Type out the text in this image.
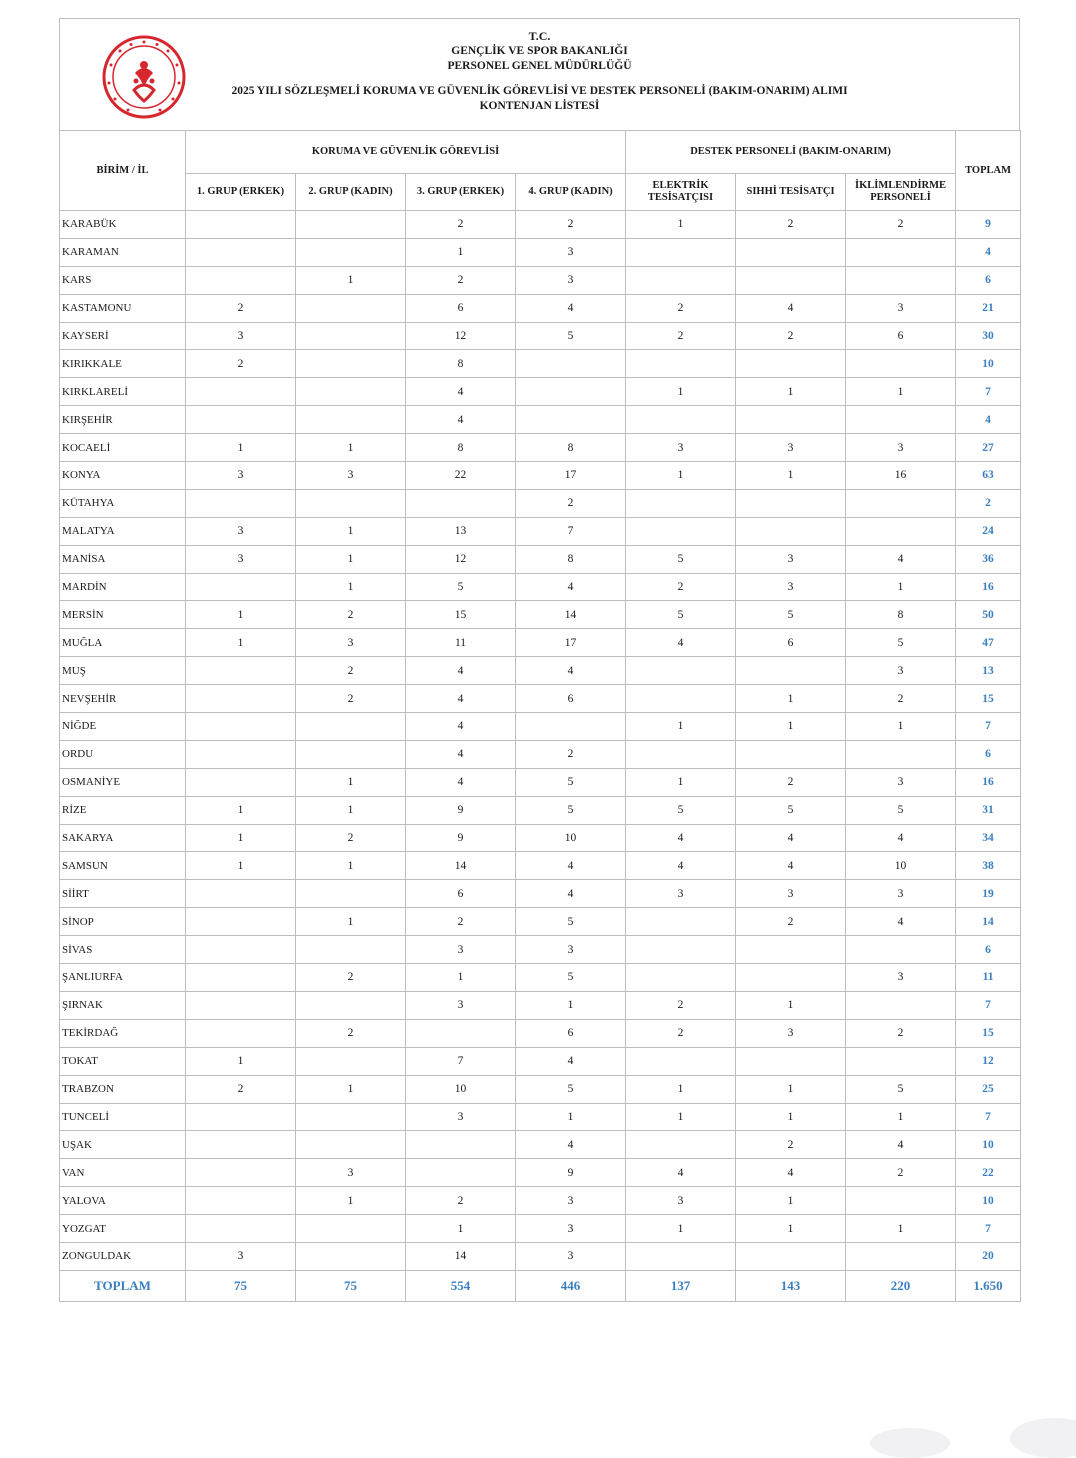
T.C.
GENÇLİK VE SPOR BAKANLIĞI
PERSONEL GENEL MÜDÜRLÜĞÜ
2025 YILI SÖZLEŞMELİ KORUMA VE GÜVENLİK GÖREVLİSİ VE DESTEK PERSONELİ (BAKIM-ONARIM) ALIMI
KONTENJAN LİSTESİ
BİRİM / İL	KORUMA VE GÜVENLİK GÖREVLİSİ				DESTEK PERSONELİ (BAKIM-ONARIM)			TOPLAM
	1. GRUP (ERKEK)	2. GRUP (KADIN)	3. GRUP (ERKEK)	4. GRUP (KADIN)	ELEKTRİK TESİSATÇISI	SIHHİ TESİSATÇI	İKLİMLENDİRME PERSONELİ	
KARABÜK			2	2	1	2	2	9
KARAMAN			1	3				4
KARS		1	2	3				6
KASTAMONU	2		6	4	2	4	3	21
KAYSERİ	3		12	5	2	2	6	30
KIRIKKALE	2		8					10
KIRKLARELİ			4		1	1	1	7
KIRŞEHİR			4					4
KOCAELİ	1	1	8	8	3	3	3	27
KONYA	3	3	22	17	1	1	16	63
KÜTAHYA				2				2
MALATYA	3	1	13	7				24
MANİSA	3	1	12	8	5	3	4	36
MARDİN		1	5	4	2	3	1	16
MERSİN	1	2	15	14	5	5	8	50
MUĞLA	1	3	11	17	4	6	5	47
MUŞ		2	4	4			3	13
NEVŞEHİR		2	4	6		1	2	15
NİĞDE			4		1	1	1	7
ORDU			4	2				6
OSMANİYE		1	4	5	1	2	3	16
RİZE	1	1	9	5	5	5	5	31
SAKARYA	1	2	9	10	4	4	4	34
SAMSUN	1	1	14	4	4	4	10	38
SİİRT			6	4	3	3	3	19
SİNOP		1	2	5		2	4	14
SİVAS			3	3				6
ŞANLIURFA		2	1	5			3	11
ŞIRNAK			3	1	2	1		7
TEKİRDAĞ		2		6	2	3	2	15
TOKAT	1		7	4				12
TRABZON	2	1	10	5	1	1	5	25
TUNCELİ			3	1	1	1	1	7
UŞAK				4		2	4	10
VAN		3		9	4	4	2	22
YALOVA		1	2	3	3	1		10
YOZGAT			1	3	1	1	1	7
ZONGULDAK	3		14	3				20
TOPLAM	75	75	554	446	137	143	220	1.650
